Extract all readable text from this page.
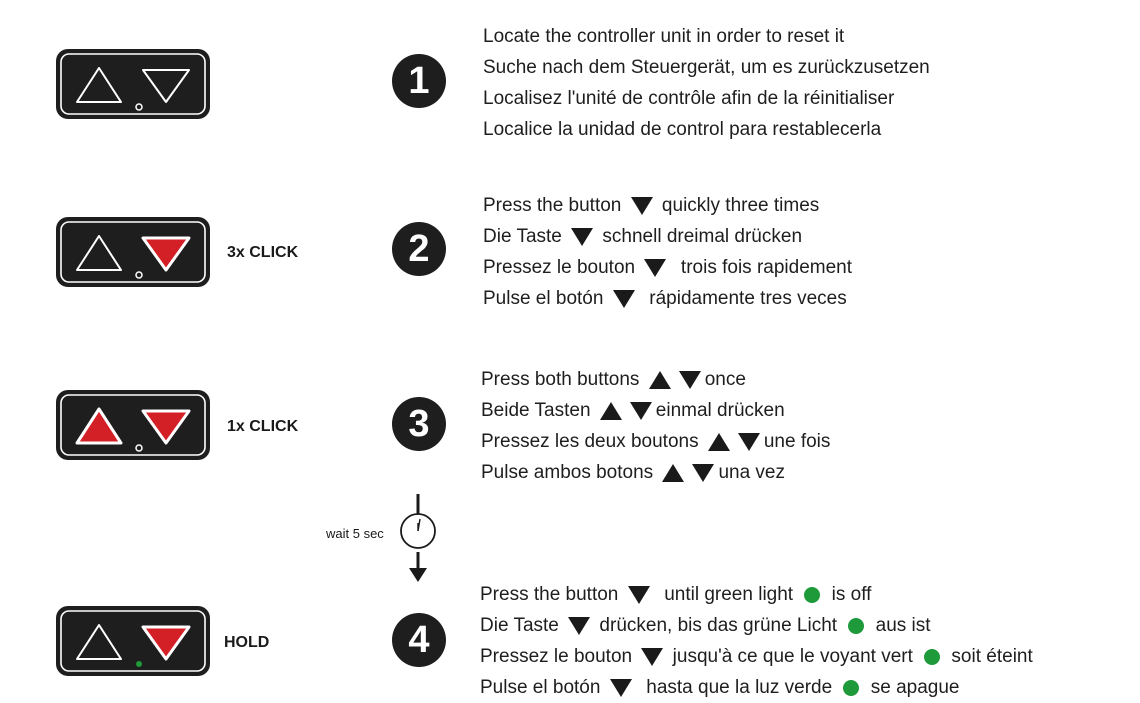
1
Locate the controller unit in order to reset it
Suche nach dem Steuergerät, um es zurückzusetzen
Localisez l'unité de contrôle afin de la réinitialiser
Localice la unidad de control para restablecerla
2
Press the button quickly three times
Die Taste schnell dreimal drücken
Pressez le bouton trois fois rapidement
Pulse el botón rápidamente tres veces
1x CLICK	3
Press both buttons	once
Beide Tasten	einmal drücken
Pressez les deux boutons	une fois
Pulse ambos botons	una vez
wait 5 sec
HOLD	4
Press the button until green light is off
Die Taste drücken, bis das grüne Licht aus ist
Pressez le bouton jusqu'à ce que le voyant vert soit éteint
Pulse el botón hasta que la luz verde se apague
3x CLICK
